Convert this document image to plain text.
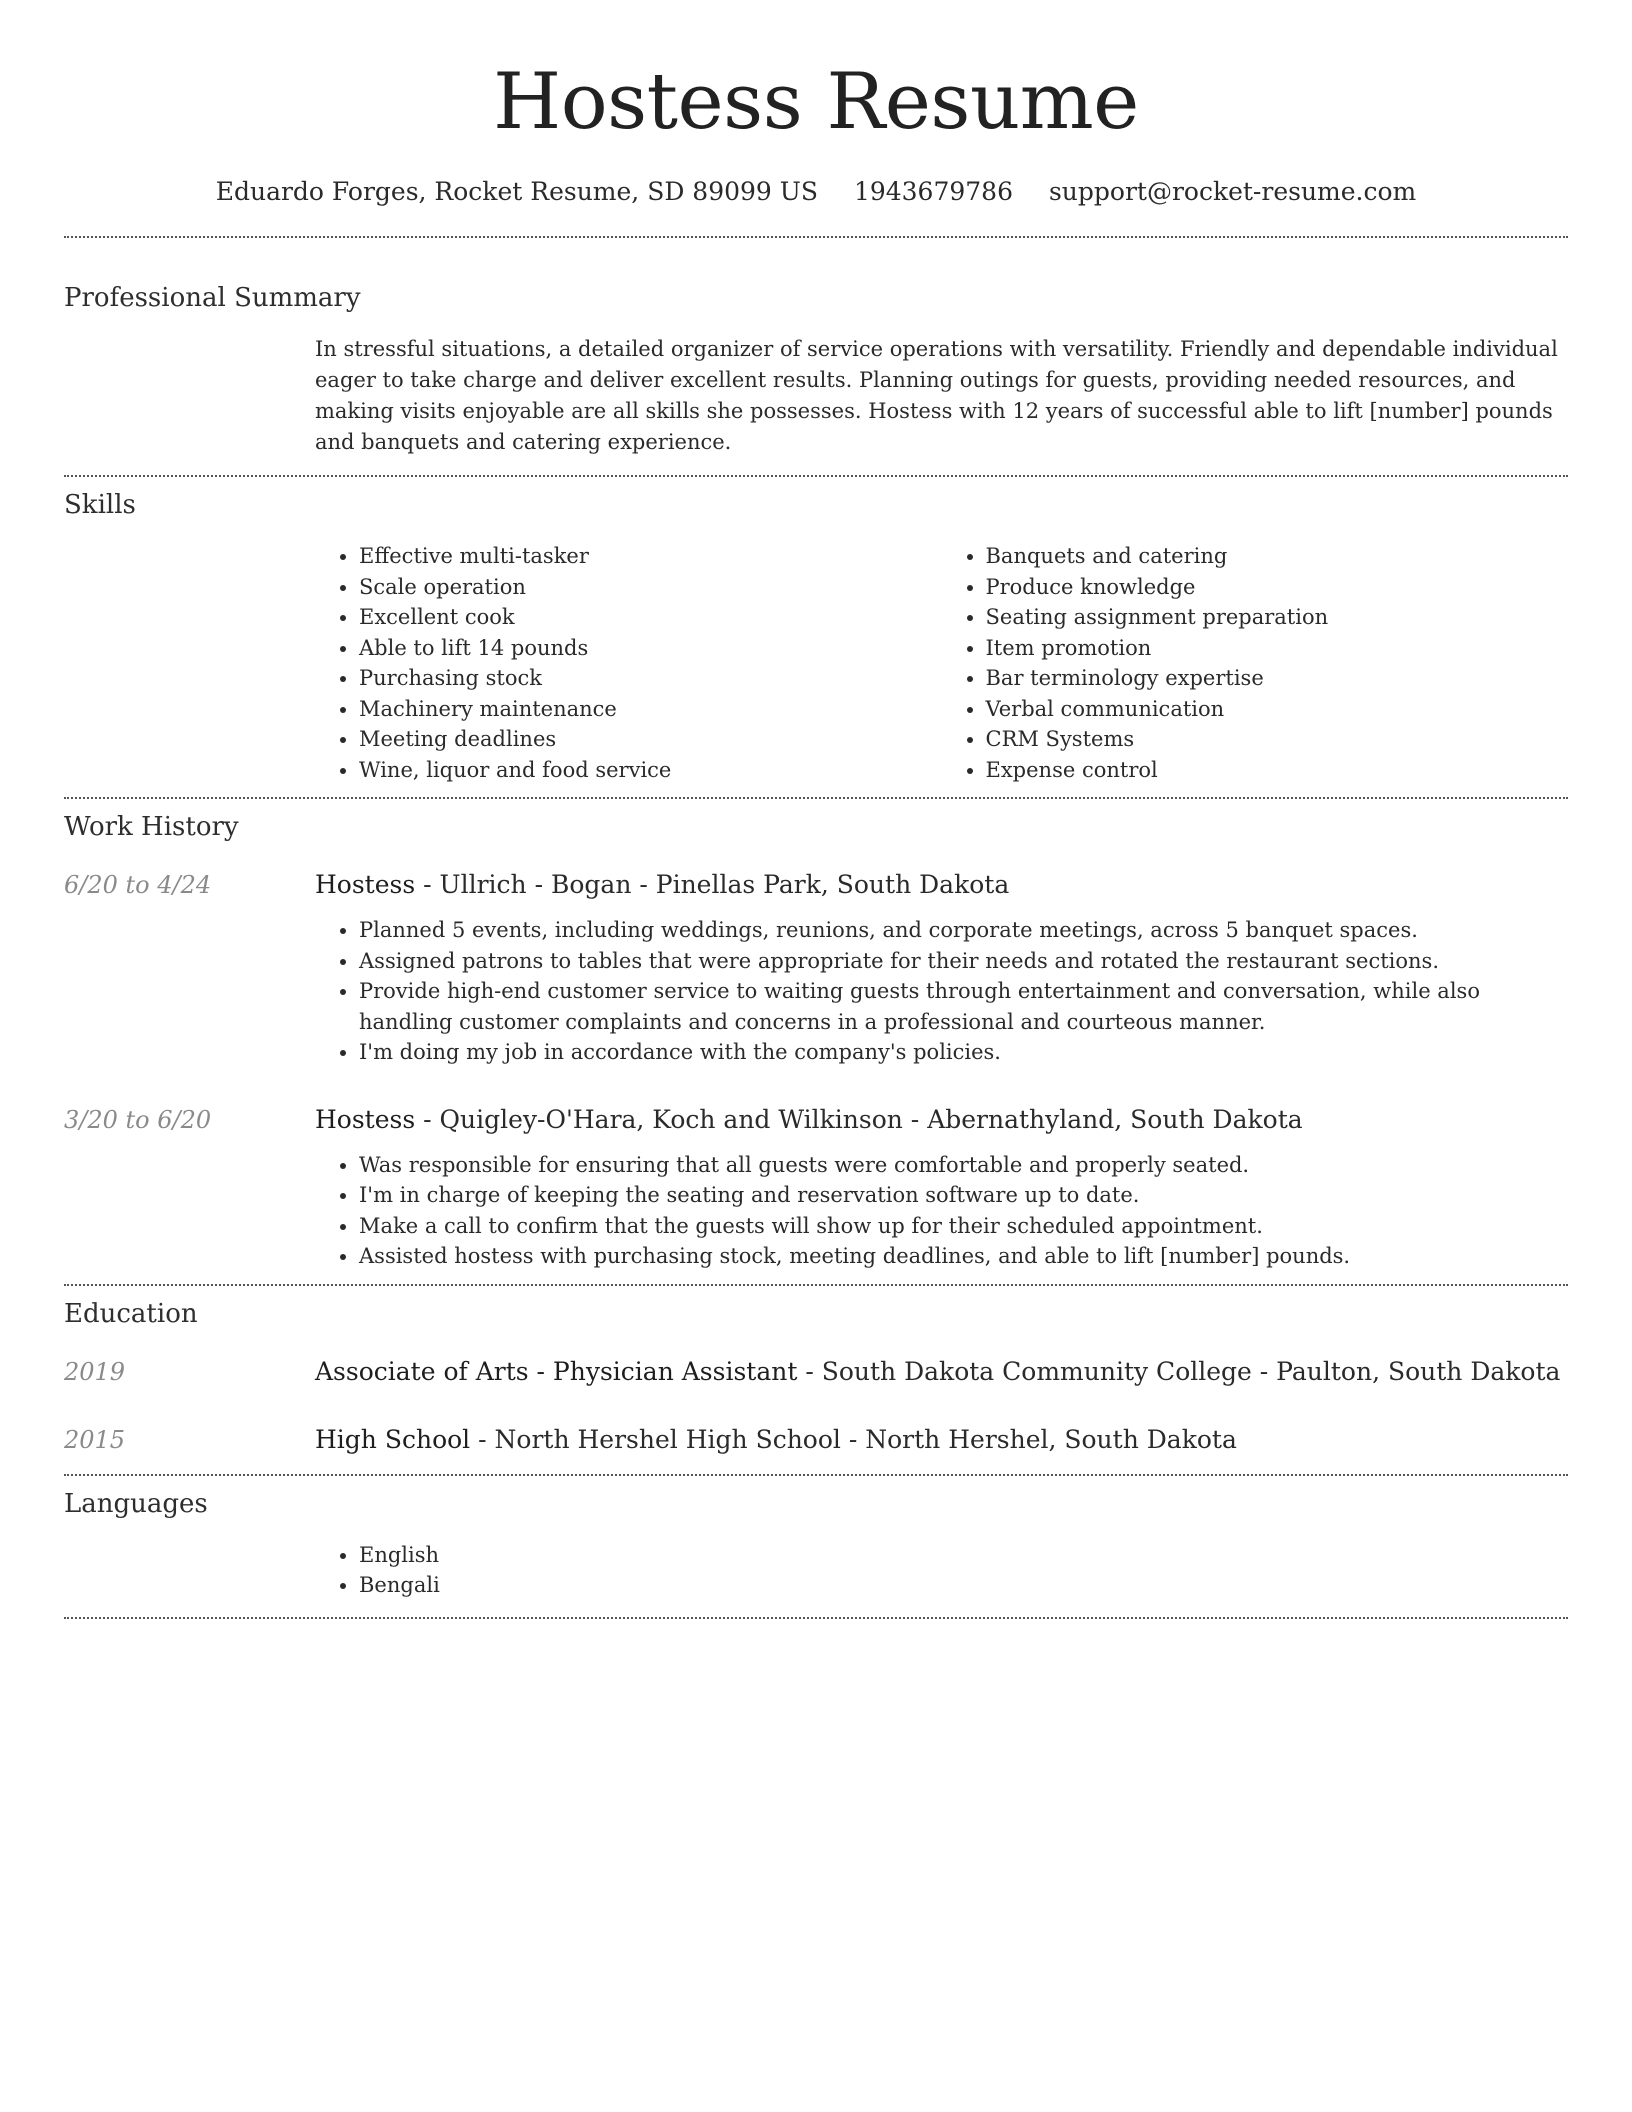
Hostess Resume
Eduardo Forges, Rocket Resume, SD 89099 US 1943679786 support@rocket-resume.com
Professional Summary

In stressful situations, a detailed organizer of service operations with versatility. Friendly and dependable individual eager to take charge and deliver excellent results. Planning outings for guests, providing needed resources, and making visits enjoyable are all skills she possesses. Hostess with 12 years of successful able to lift [number] pounds and banquets and catering experience.

Skills
• Effective multi-tasker
• Scale operation
• Excellent cook
• Able to lift 14 pounds
• Purchasing stock
• Machinery maintenance
• Meeting deadlines
• Wine, liquor and food service
• Banquets and catering
• Produce knowledge
• Seating assignment preparation
• Item promotion
• Bar terminology expertise
• Verbal communication
• CRM Systems
• Expense control
Work History
6/20 to 4/24	Hostess - Ullrich - Bogan - Pinellas Park, South Dakota

• Planned 5 events, including weddings, reunions, and corporate meetings, across 5 banquet spaces.
• Assigned patrons to tables that were appropriate for their needs and rotated the restaurant sections.
• Provide high-end customer service to waiting guests through entertainment and conversation, while also handling customer complaints and concerns in a professional and courteous manner.
• I'm doing my job in accordance with the company's policies.
3/20 to 6/20	Hostess - Quigley-O'Hara, Koch and Wilkinson - Abernathyland, South Dakota

• Was responsible for ensuring that all guests were comfortable and properly seated.
• I'm in charge of keeping the seating and reservation software up to date.
• Make a call to confirm that the guests will show up for their scheduled appointment.
• Assisted hostess with purchasing stock, meeting deadlines, and able to lift [number] pounds.
Education
2019	Associate of Arts - Physician Assistant - South Dakota Community College - Paulton, South Dakota

2015	High School - North Hershel High School - North Hershel, South Dakota

Languages
• English
• Bengali
